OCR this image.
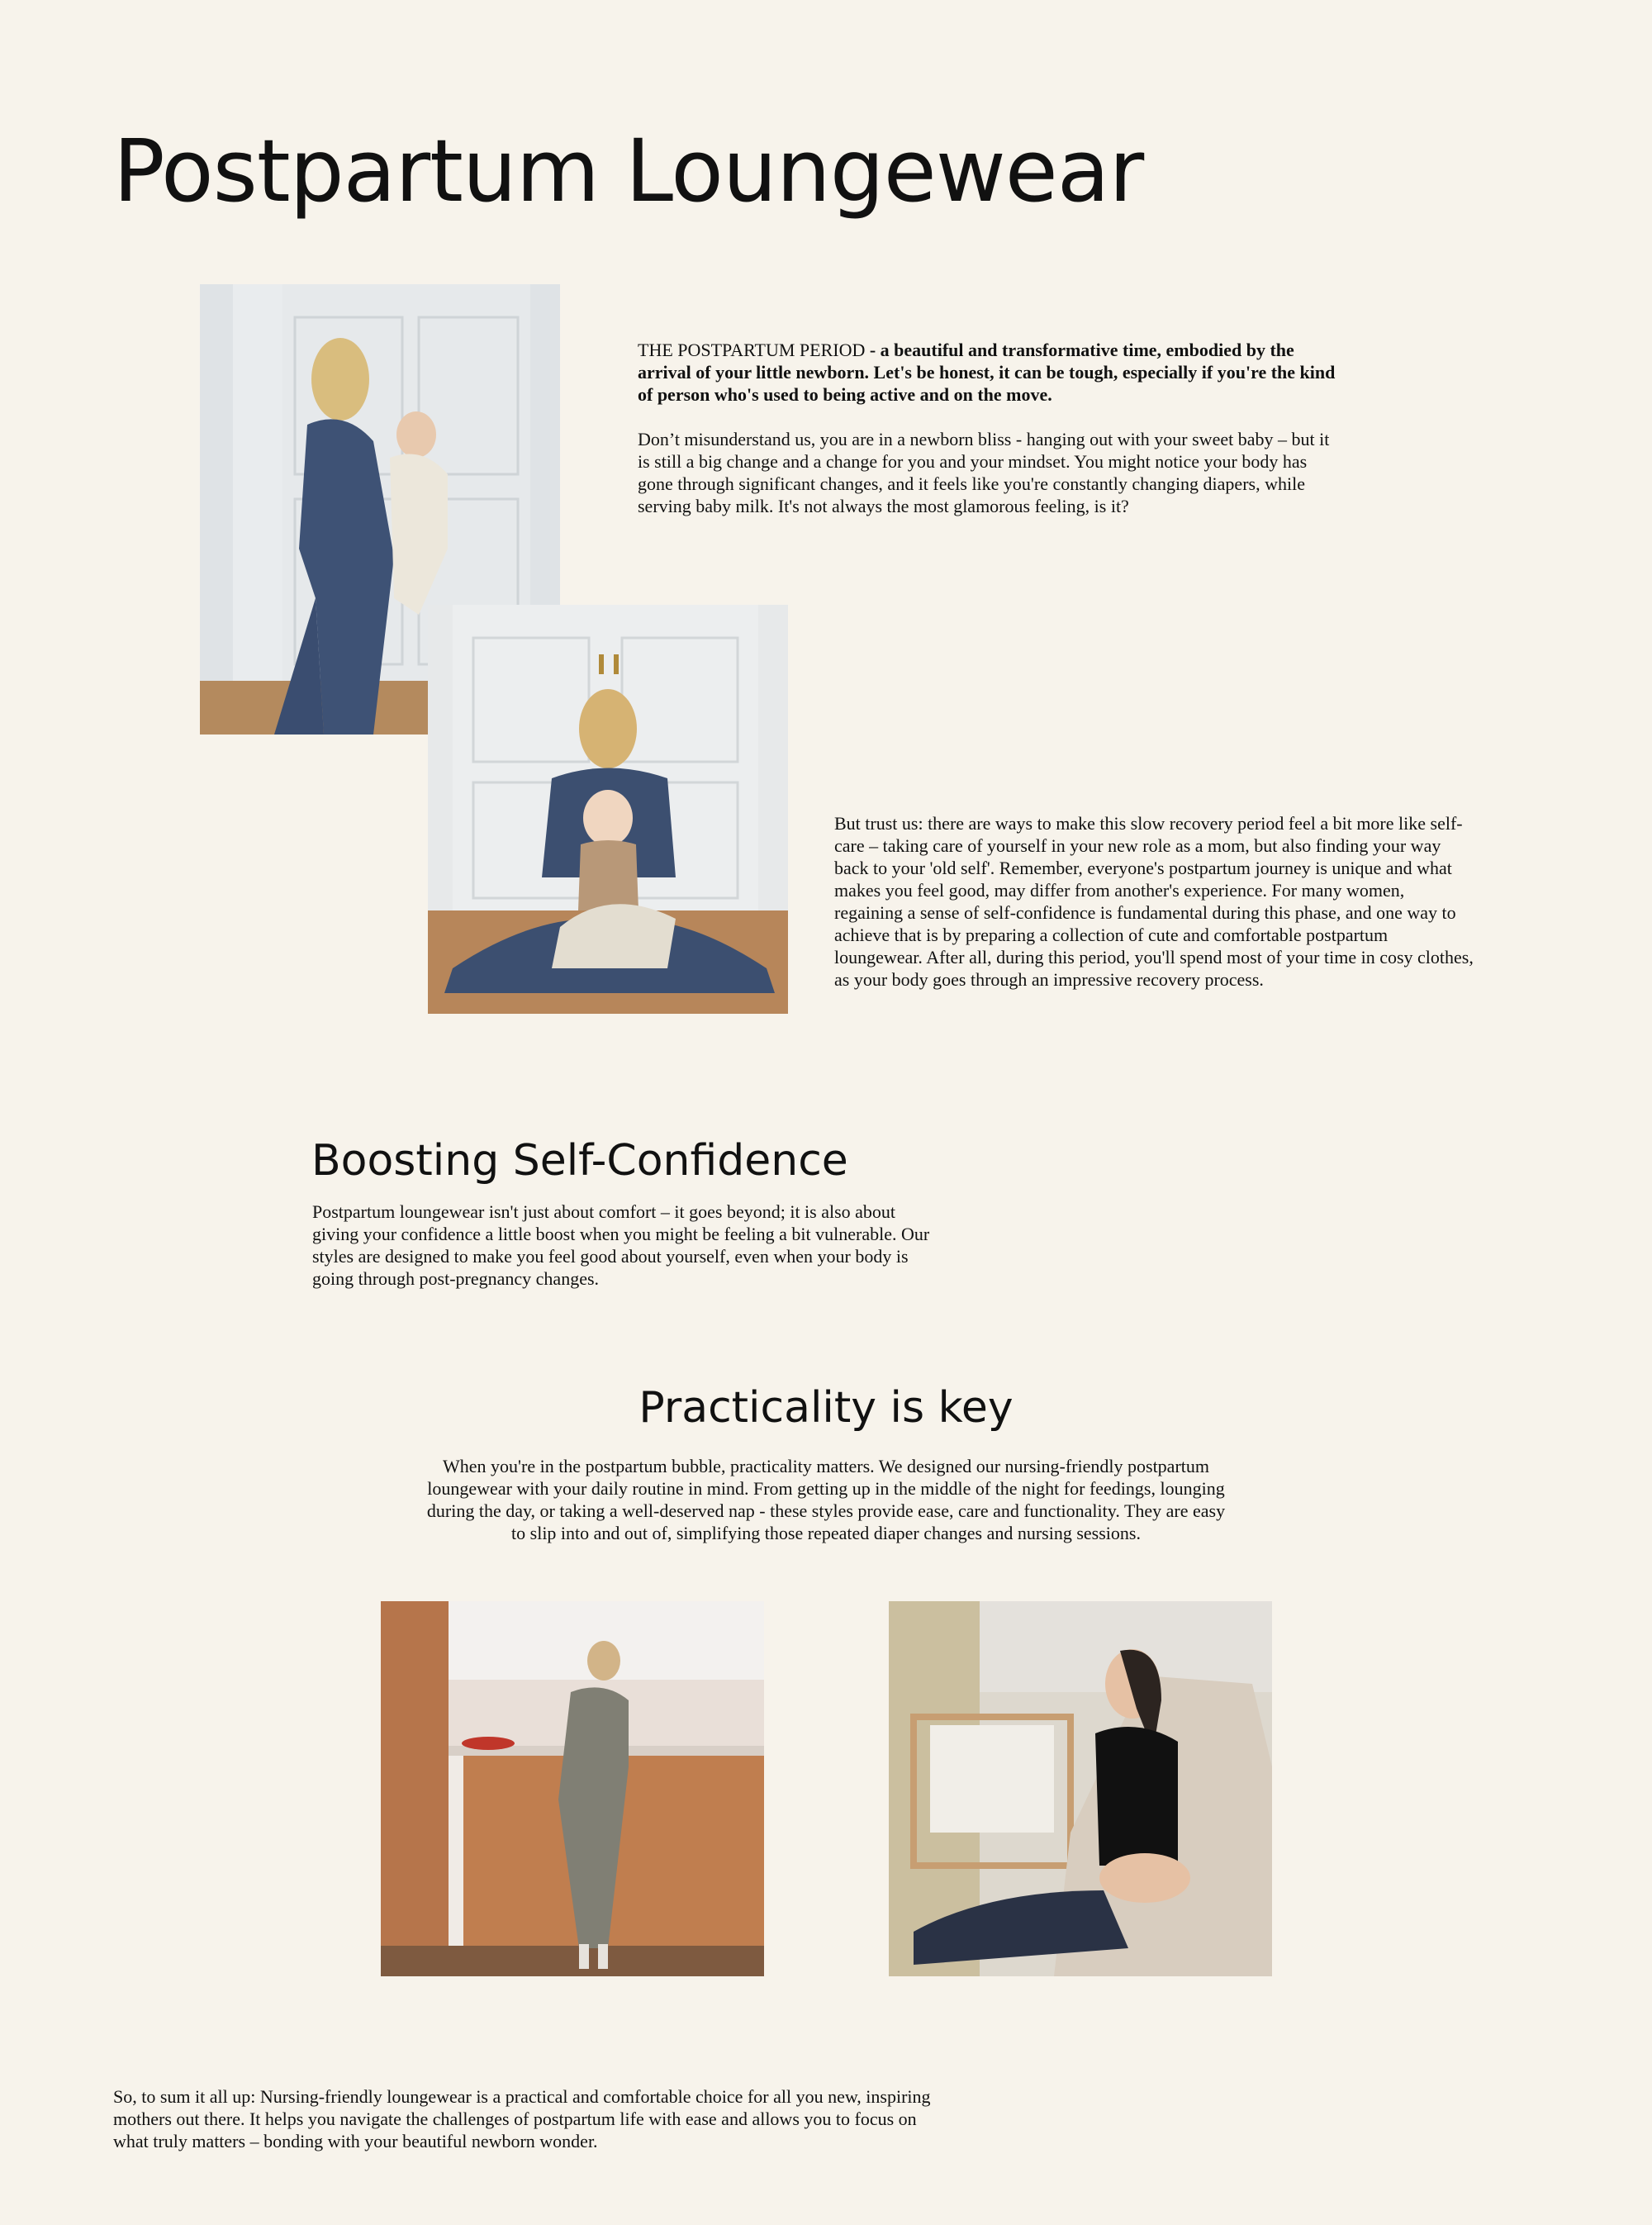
Postpartum Loungewear

THE POSTPARTUM PERIOD - a beautiful and transformative time, embodied by the arrival of your little newborn. Let's be honest, it can be tough, especially if you're the kind of person who's used to being active and on the move.

Don’t misunderstand us, you are in a newborn bliss - hanging out with your sweet baby – but it is still a big change and a change for you and your mindset. You might notice your body has gone through significant changes, and it feels like you're constantly changing diapers, while serving baby milk. It's not always the most glamorous feeling, is it?

But trust us: there are ways to make this slow recovery period feel a bit more like self-care – taking care of yourself in your new role as a mom, but also finding your way back to your 'old self'. Remember, everyone's postpartum journey is unique and what makes you feel good, may differ from another's experience. For many women, regaining a sense of self-confidence is fundamental during this phase, and one way to achieve that is by preparing a collection of cute and comfortable postpartum loungewear. After all, during this period, you'll spend most of your time in cosy clothes, as your body goes through an impressive recovery process.

Boosting Self-Confidence

Postpartum loungewear isn't just about comfort – it goes beyond; it is also about giving your confidence a little boost when you might be feeling a bit vulnerable. Our styles are designed to make you feel good about yourself, even when your body is going through post-pregnancy changes.

Practicality is key

When you're in the postpartum bubble, practicality matters. We designed our nursing-friendly postpartum loungewear with your daily routine in mind. From getting up in the middle of the night for feedings, lounging during the day, or taking a well-deserved nap - these styles provide ease, care and functionality. They are easy to slip into and out of, simplifying those repeated diaper changes and nursing sessions.

So, to sum it all up: Nursing-friendly loungewear is a practical and comfortable choice for all you new, inspiring mothers out there. It helps you navigate the challenges of postpartum life with ease and allows you to focus on what truly matters – bonding with your beautiful newborn wonder.
